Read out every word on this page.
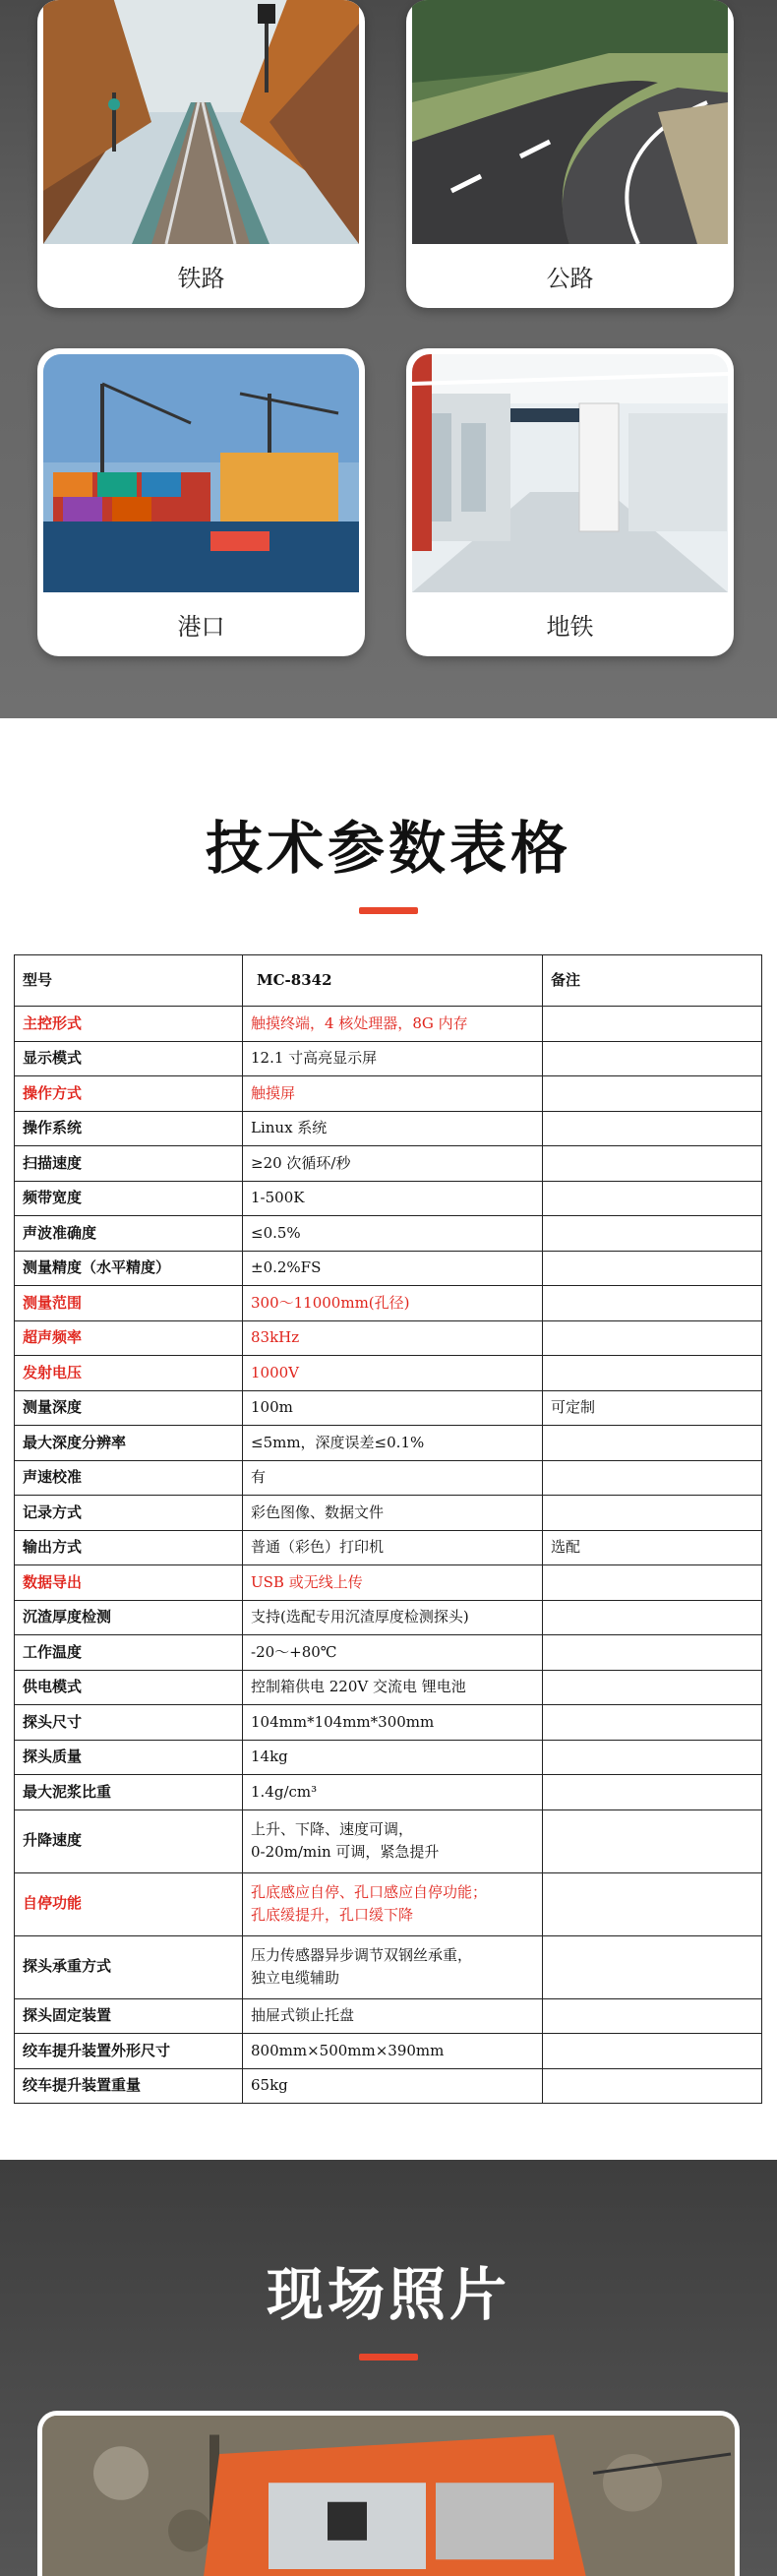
铁路	公路
港口	地铁
技术参数表格
型号	MC-8342	备注
主控形式	触摸终端，4 核处理器，8G 内存	
显示模式	12.1 寸高亮显示屏	
操作方式	触摸屏	
操作系统	Linux 系统	
扫描速度	≥20 次循环/秒	
频带宽度	1-500K	
声波准确度	≤0.5%	
测量精度（水平精度）	±0.2%FS	
测量范围	300～11000mm(孔径)	
超声频率	83kHz	
发射电压	1000V	
测量深度	100m	可定制
最大深度分辨率	≤5mm，深度误差≤0.1%	
声速校准	有	
记录方式	彩色图像、数据文件	
输出方式	普通（彩色）打印机	选配
数据导出	USB 或无线上传	
沉渣厚度检测	支持(选配专用沉渣厚度检测探头)	
工作温度	-20～+80℃	
供电模式	控制箱供电 220V 交流电 锂电池	
探头尺寸	104mm*104mm*300mm	
探头质量	14kg	
最大泥浆比重	1.4g/cm³	
升降速度	上升、下降、速度可调，
0-20m/min 可调，紧急提升	
自停功能	孔底感应自停、孔口感应自停功能；
孔底缓提升，孔口缓下降	
探头承重方式	压力传感器异步调节双钢丝承重，
独立电缆辅助	
探头固定装置	抽屉式锁止托盘	
绞车提升装置外形尺寸	800mm×500mm×390mm	
绞车提升装置重量	65kg	
现场照片
